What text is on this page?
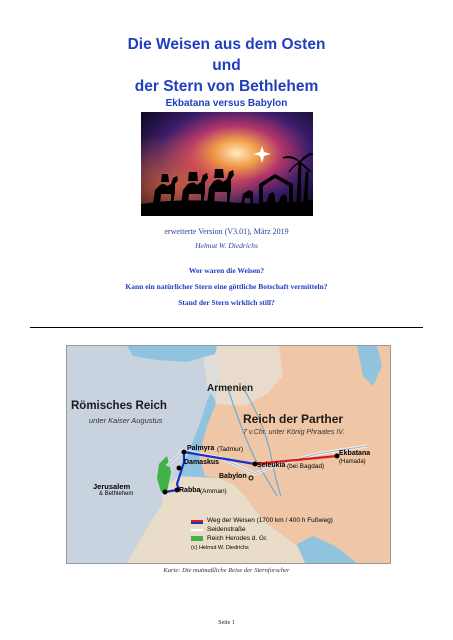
Die Weisen aus dem Osten
und
der Stern von Bethlehem
Ekbatana versus Babylon
erweiterte Version (V3.01), März 2019
Helmut W. Diedrichs
Wer waren die Weisen?
Kann ein natürlicher Stern eine göttliche Botschaft vermitteln?
Stand der Stern wirklich still?
Römisches Reich
unter Kaiser Augustus
Armenien
Reich der Parther
7 v.Chr. unter König Phraates IV.
Palmyra (Tadmur)
Damaskus	Seleukia (bei Bagdad)
Ekbatana
(Hamada)
Babylon
Jerusalem
& Bethlehem	Rabba (Amman)
Weg der Weisen (1700 km / 400 h Fußweg)
Seidenstraße
Reich Herodes d. Gr.
(c) Helmut W. Diedrichs
Karte: Die mutmaßliche Reise der Sternforscher
Seite 1
